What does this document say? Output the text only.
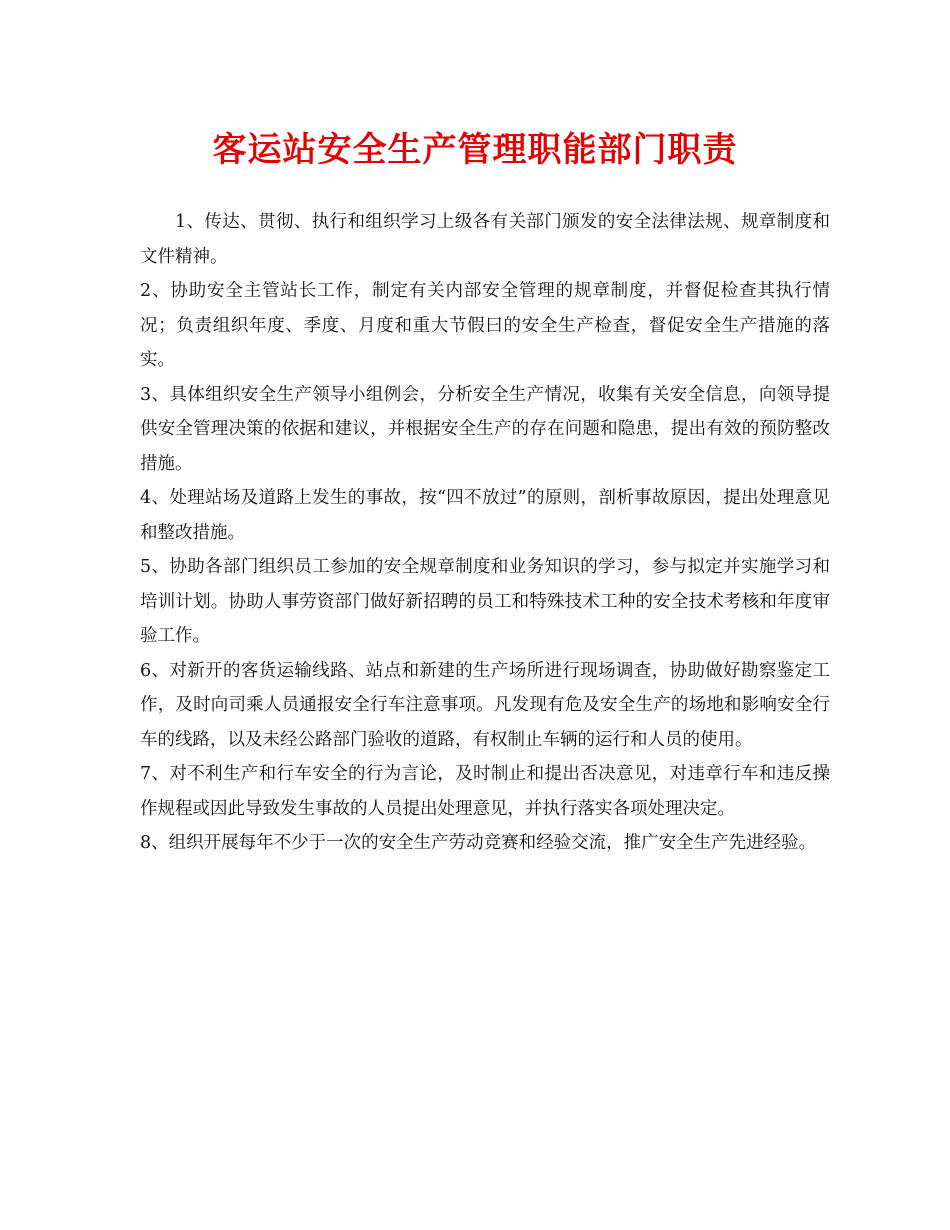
客运站安全生产管理职能部门职责

1、传达、贯彻、执行和组织学习上级各有关部门颁发的安全法律法规、规章制度和文件精神。

2、协助安全主管站长工作，制定有关内部安全管理的规章制度，并督促检查其执行情况；负责组织年度、季度、月度和重大节假曰的安全生产检查，督促安全生产措施的落实。

3、具体组织安全生产领导小组例会，分析安全生产情况，收集有关安全信息，向领导提供安全管理决策的依据和建议，并根据安全生产的存在问题和隐患，提出有效的预防整改措施。

4、处理站场及道路上发生的事故，按“四不放过”的原则，剖析事故原因，提出处理意见和整改措施。

5、协助各部门组织员工参加的安全规章制度和业务知识的学习，参与拟定并实施学习和培训计划。协助人事劳资部门做好新招聘的员工和特殊技术工种的安全技术考核和年度审验工作。

6、对新开的客货运输线路、站点和新建的生产场所进行现场调查，协助做好勘察鉴定工作，及时向司乘人员通报安全行车注意事项。凡发现有危及安全生产的场地和影响安全行车的线路，以及未经公路部门验收的道路，有权制止车辆的运行和人员的使用。

7、对不利生产和行车安全的行为言论，及时制止和提出否决意见，对违章行车和违反操作规程或因此导致发生事故的人员提出处理意见，并执行落实各项处理决定。

8、组织开展每年不少于一次的安全生产劳动竞赛和经验交流，推广安全生产先进经验。
